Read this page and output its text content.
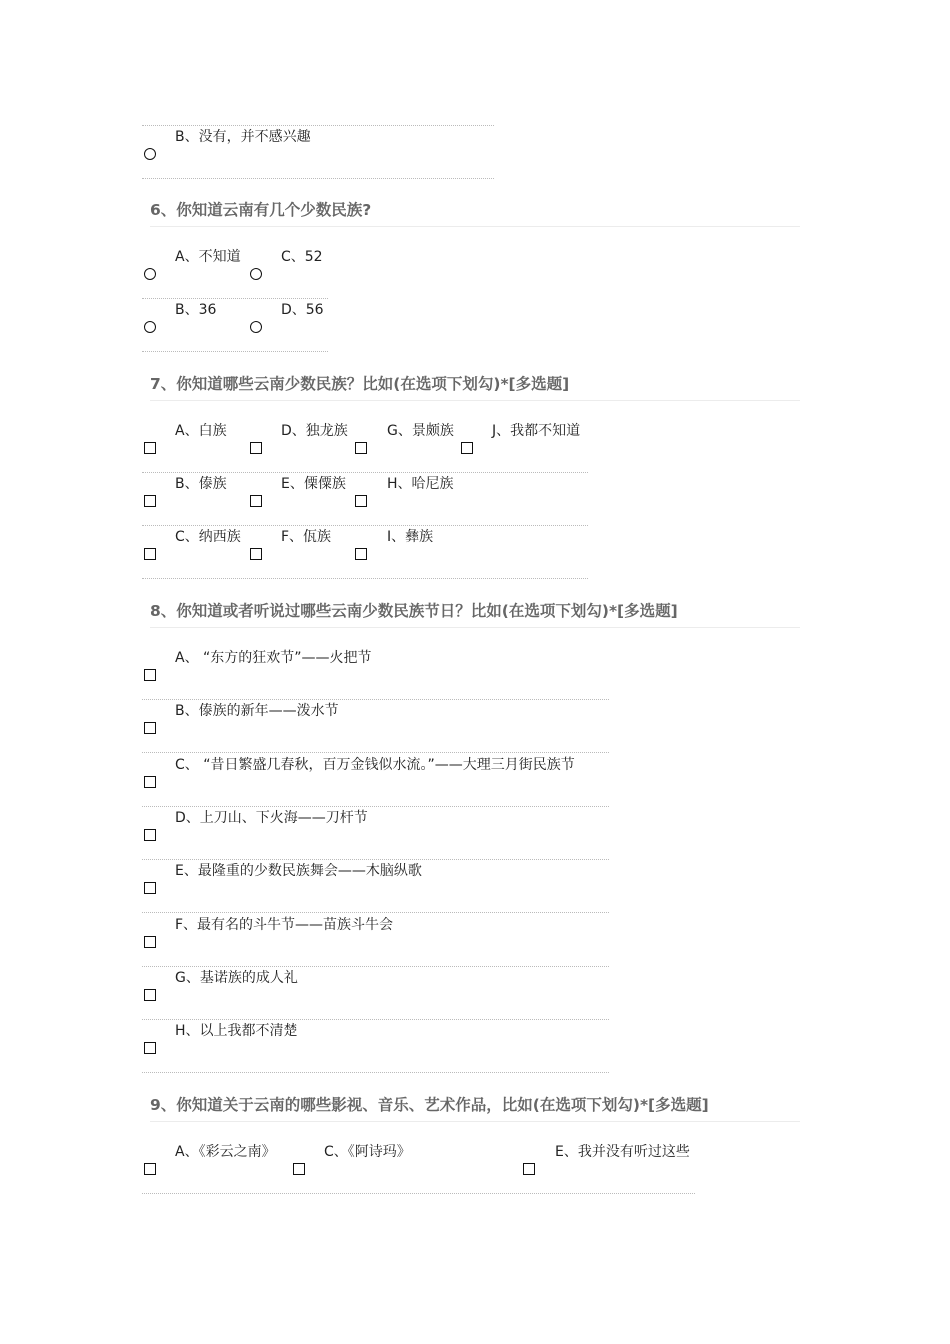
B、没有，并不感兴趣
6、你知道云南有几个少数民族?
A、不知道	C、52
B、36	D、56
7、你知道哪些云南少数民族？比如(在选项下划勾)*[多选题]
A、白族	D、独龙族	G、景颇族	J、我都不知道
B、傣族	E、傈僳族	H、哈尼族
C、纳西族	F、佤族	I、彝族
8、你知道或者听说过哪些云南少数民族节日？比如(在选项下划勾)*[多选题]
A、 “东方的狂欢节”——火把节
B、傣族的新年——泼水节
C、 “昔日繁盛几春秋，百万金钱似水流。”——大理三月街民族节
D、上刀山、下火海——刀杆节
E、最隆重的少数民族舞会——木脑纵歌
F、最有名的斗牛节——苗族斗牛会
G、基诺族的成人礼
H、以上我都不清楚
9、你知道关于云南的哪些影视、音乐、艺术作品，比如(在选项下划勾)*[多选题]
A、《彩云之南》	C、《阿诗玛》	E、我并没有听过这些
